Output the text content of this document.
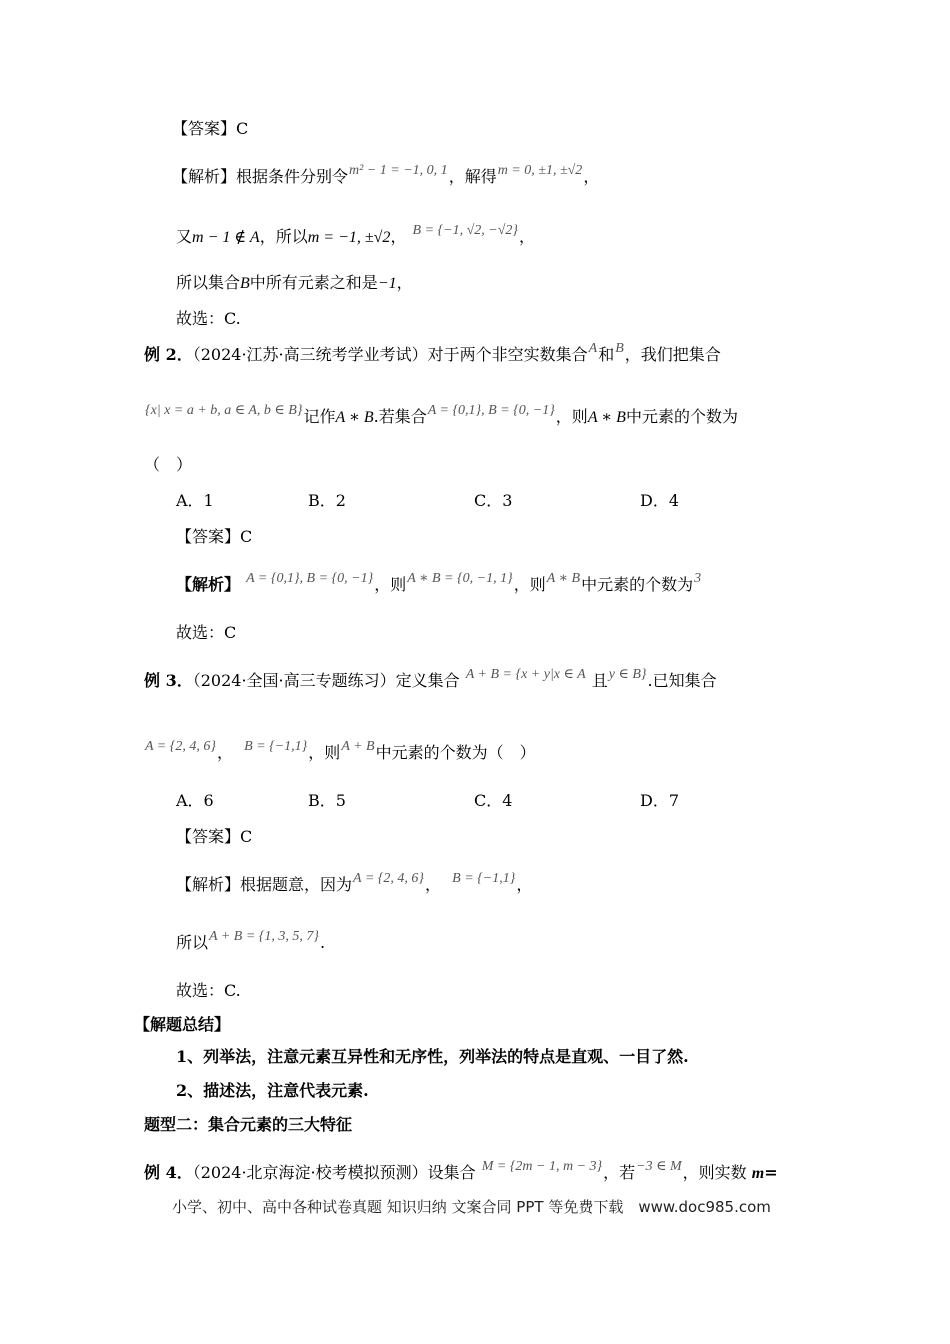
【答案】C
【解析】根据条件分别令m² − 1 = −1, 0, 1，解得m = 0, ±1, ±√2，
又m − 1 ∉ A，所以m = −1, ±√2， B = {−1, √2, −√2}，
所以集合B中所有元素之和是−1，
故选：C.
例 2．（2024·江苏·高三统考学业考试）对于两个非空实数集合A和B，我们把集合
{x| x = a + b, a ∈ A, b ∈ B}记作A ∗ B.若集合A = {0,1}, B = {0, −1}，则A ∗ B中元素的个数为
（　）
A．1	B．2	C．3	D．4
【答案】C
【解析】 A = {0,1}, B = {0, −1}，则A ∗ B = {0, −1, 1}，则A ∗ B中元素的个数为3
故选：C
例 3．（2024·全国·高三专题练习）定义集合 A + B = {x + y|x ∈ A 且y ∈ B}.已知集合
A = {2, 4, 6}， B = {−1,1}，则A + B中元素的个数为（　）
A．6	B．5	C．4	D．7
【答案】C
【解析】根据题意，因为A = {2, 4, 6}， B = {−1,1}，
所以A + B = {1, 3, 5, 7}.
故选：C.
【解题总结】
1、列举法，注意元素互异性和无序性，列举法的特点是直观、一目了然.
2、描述法，注意代表元素.
题型二：集合元素的三大特征
例 4．（2024·北京海淀·校考模拟预测）设集合 M = {2m − 1, m − 3}，若−3 ∈ M，则实数 m=
小学、初中、高中各种试卷真题 知识归纳 文案合同 PPT 等免费下载　www.doc985.com
